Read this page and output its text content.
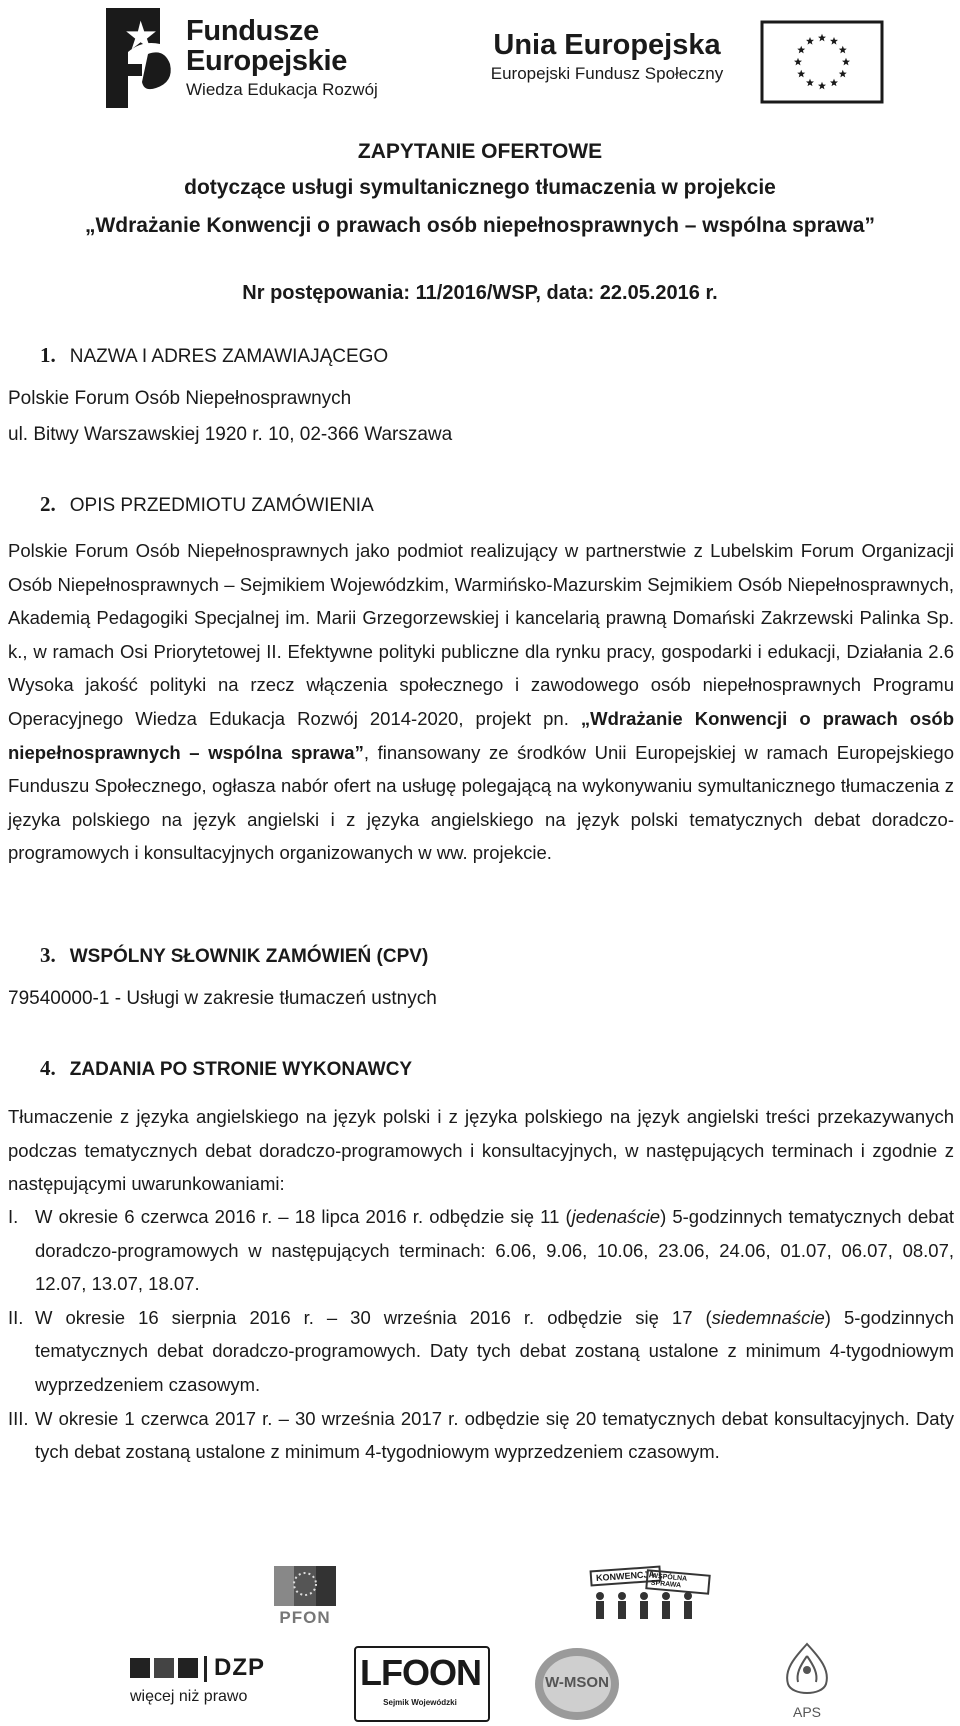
Fundusze
Europejskie
Wiedza Edukacja Rozwój
Unia Europejska
Europejski Fundusz Społeczny
ZAPYTANIE OFERTOWE
dotyczące usługi symultanicznego tłumaczenia w projekcie
„Wdrażanie Konwencji o prawach osób niepełnosprawnych – wspólna sprawa”
Nr postępowania: 11/2016/WSP, data: 22.05.2016 r.
1. NAZWA I ADRES ZAMAWIAJĄCEGO
Polskie Forum Osób Niepełnosprawnych
ul. Bitwy Warszawskiej 1920 r. 10, 02-366 Warszawa
2. OPIS PRZEDMIOTU ZAMÓWIENIA
Polskie Forum Osób Niepełnosprawnych jako podmiot realizujący w partnerstwie z Lubelskim Forum Organizacji Osób Niepełnosprawnych – Sejmikiem Wojewódzkim, Warmińsko-Mazurskim Sejmikiem Osób Niepełnosprawnych, Akademią Pedagogiki Specjalnej im. Marii Grzegorzewskiej i kancelarią prawną Domański Zakrzewski Palinka Sp. k., w ramach Osi Priorytetowej II. Efektywne polityki publiczne dla rynku pracy, gospodarki i edukacji, Działania 2.6 Wysoka jakość polityki na rzecz włączenia społecznego i zawodowego osób niepełnosprawnych Programu Operacyjnego Wiedza Edukacja Rozwój 2014-2020, projekt pn. „Wdrażanie Konwencji o prawach osób niepełnosprawnych – wspólna sprawa”, finansowany ze środków Unii Europejskiej w ramach Europejskiego Funduszu Społecznego, ogłasza nabór ofert na usługę polegającą na wykonywaniu symultanicznego tłumaczenia z języka polskiego na język angielski i z języka angielskiego na język polski tematycznych debat doradczo-programowych i konsultacyjnych organizowanych w ww. projekcie.
3. WSPÓLNY SŁOWNIK ZAMÓWIEŃ (CPV)
79540000-1 - Usługi w zakresie tłumaczeń ustnych
4. ZADANIA PO STRONIE WYKONAWCY
Tłumaczenie z języka angielskiego na język polski i z języka polskiego na język angielski treści przekazywanych podczas tematycznych debat doradczo-programowych i konsultacyjnych, w następujących terminach i zgodnie z następującymi uwarunkowaniami:
I. W okresie 6 czerwca 2016 r. – 18 lipca 2016 r. odbędzie się 11 (jedenaście) 5-godzinnych tematycznych debat doradczo-programowych w następujących terminach: 6.06, 9.06, 10.06, 23.06, 24.06, 01.07, 06.07, 08.07, 12.07, 13.07, 18.07.
II. W okresie 16 sierpnia 2016 r. – 30 września 2016 r. odbędzie się 17 (siedemnaście) 5-godzinnych tematycznych debat doradczo-programowych. Daty tych debat zostaną ustalone z minimum 4-tygodniowym wyprzedzeniem czasowym.
III. W okresie 1 czerwca 2017 r. – 30 września 2017 r. odbędzie się 20 tematycznych debat konsultacyjnych. Daty tych debat zostaną ustalone z minimum 4-tygodniowym wyprzedzeniem czasowym.
PFON
KONWENCJA
WSPÓLNA SPRAWA
DZP
więcej niż prawo
LFOON
Sejmik Wojewódzki
W-MSON
APS
